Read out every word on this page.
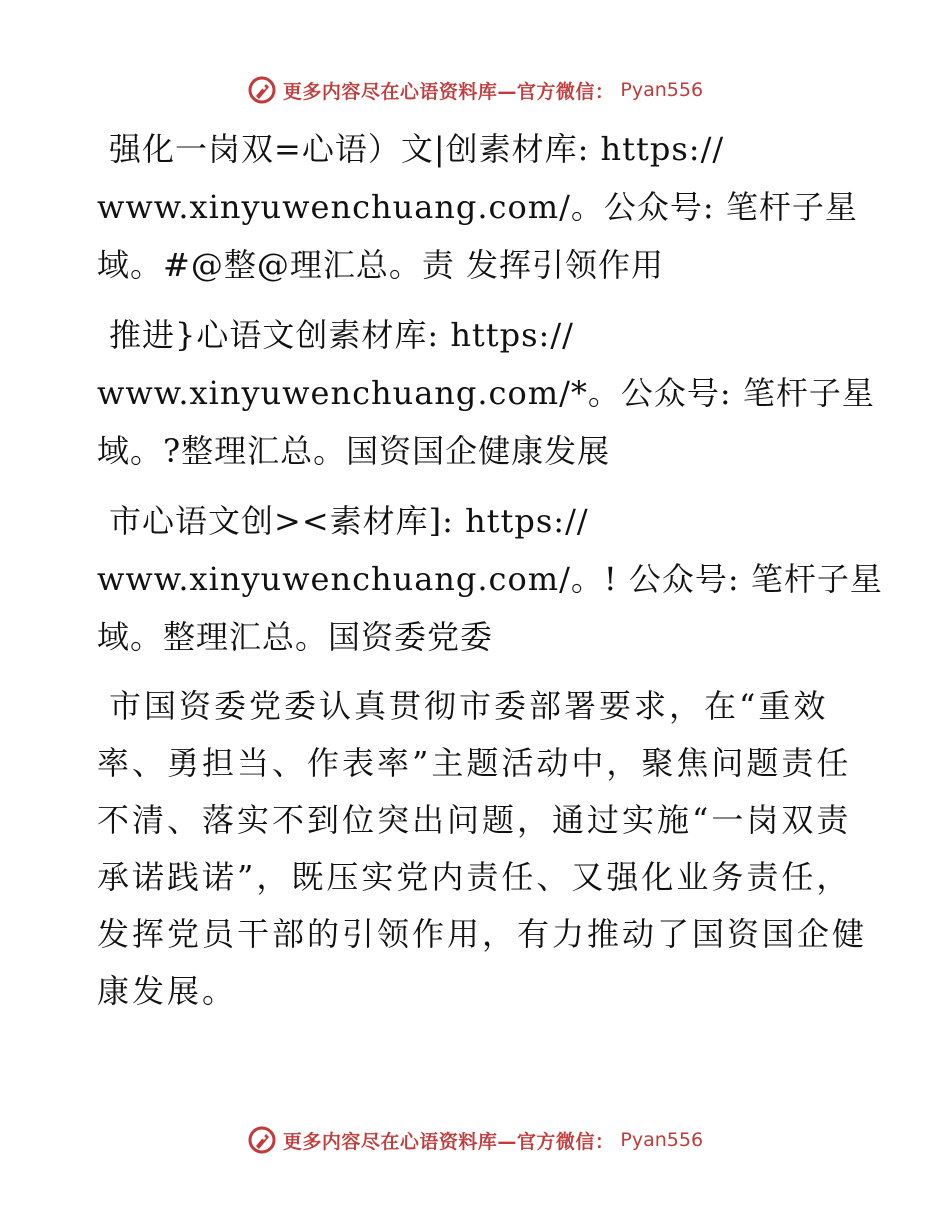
更多内容尽在心语资料库—官方微信： Pyan556
强化一岗双=心语）文|创素材库: https://
www.xinyuwenchuang.com/。公众号: 笔杆子星
域。#@整@理汇总。责 发挥引领作用
推进}心语文创素材库: https://
www.xinyuwenchuang.com/*。公众号: 笔杆子星
域。?整理汇总。国资国企健康发展
市心语文创><素材库]: https://
www.xinyuwenchuang.com/。! 公众号: 笔杆子星
域。整理汇总。国资委党委
市国资委党委认真贯彻市委部署要求，在“重效
率、勇担当、作表率”主题活动中，聚焦问题责任
不清、落实不到位突出问题，通过实施“一岗双责
承诺践诺”，既压实党内责任、又强化业务责任，
发挥党员干部的引领作用，有力推动了国资国企健
康发展。
更多内容尽在心语资料库—官方微信： Pyan556
